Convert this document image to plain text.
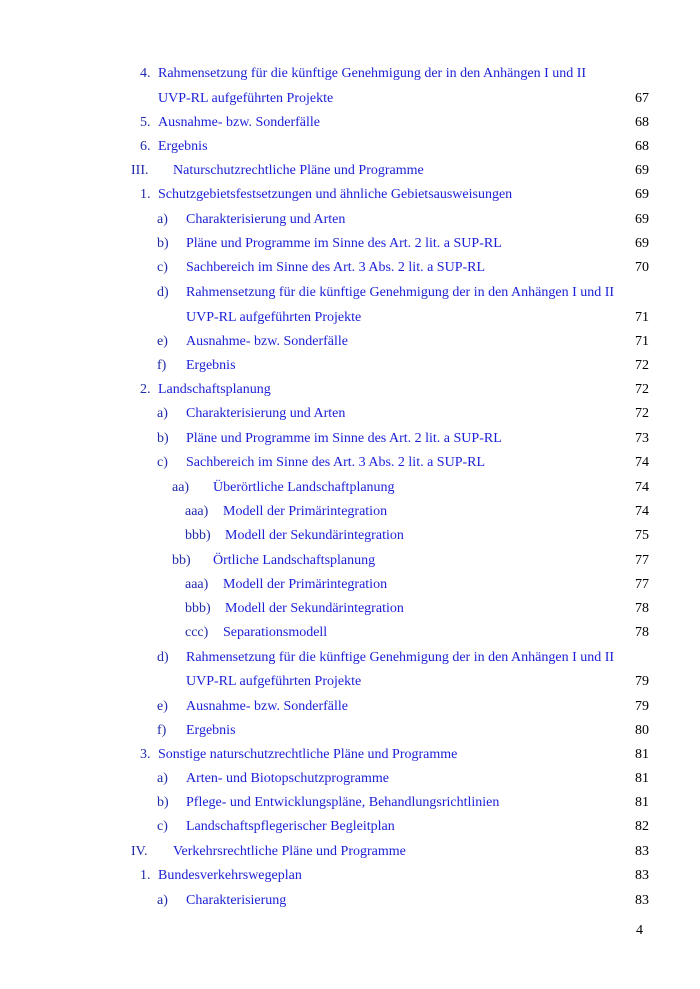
4. Rahmensetzung für die künftige Genehmigung der in den Anhängen I und II
UVP-RL aufgeführten Projekte	67
5. Ausnahme- bzw. Sonderfälle	68
6. Ergebnis	68
III. Naturschutzrechtliche Pläne und Programme	69
1. Schutzgebietsfestsetzungen und ähnliche Gebietsausweisungen	69
a) Charakterisierung und Arten	69
b) Pläne und Programme im Sinne des Art. 2 lit. a SUP-RL	69
c) Sachbereich im Sinne des Art. 3 Abs. 2 lit. a SUP-RL	70
d) Rahmensetzung für die künftige Genehmigung der in den Anhängen I und II
UVP-RL aufgeführten Projekte	71
e) Ausnahme- bzw. Sonderfälle	71
f) Ergebnis	72
2. Landschaftsplanung	72
a) Charakterisierung und Arten	72
b) Pläne und Programme im Sinne des Art. 2 lit. a SUP-RL	73
c) Sachbereich im Sinne des Art. 3 Abs. 2 lit. a SUP-RL	74
aa) Überörtliche Landschaftplanung	74
aaa) Modell der Primärintegration	74
bbb) Modell der Sekundärintegration	75
bb) Örtliche Landschaftsplanung	77
aaa) Modell der Primärintegration	77
bbb) Modell der Sekundärintegration	78
ccc) Separationsmodell	78
d) Rahmensetzung für die künftige Genehmigung der in den Anhängen I und II
UVP-RL aufgeführten Projekte	79
e) Ausnahme- bzw. Sonderfälle	79
f) Ergebnis	80
3. Sonstige naturschutzrechtliche Pläne und Programme	81
a) Arten- und Biotopschutzprogramme	81
b) Pflege- und Entwicklungspläne, Behandlungsrichtlinien	81
c) Landschaftspflegerischer Begleitplan	82
IV. Verkehrsrechtliche Pläne und Programme	83
1. Bundesverkehrswegeplan	83
a) Charakterisierung	83
4
